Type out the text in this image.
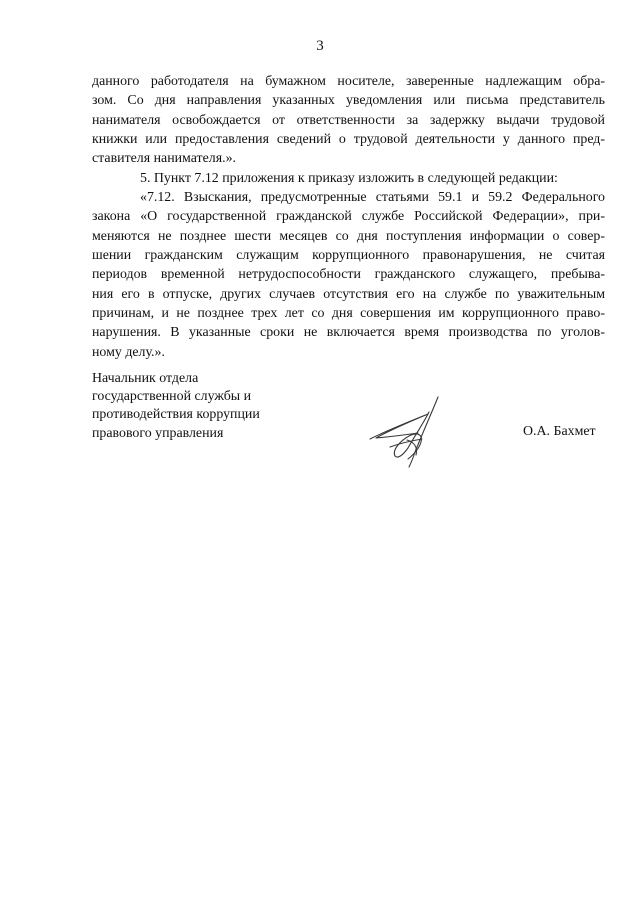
3
данного работодателя на бумажном носителе, заверенные надлежащим обра-
зом. Со дня направления указанных уведомления или письма представитель
нанимателя освобождается от ответственности за задержку выдачи трудовой
книжки или предоставления сведений о трудовой деятельности у данного пред-
ставителя нанимателя.».
5. Пункт 7.12 приложения к приказу изложить в следующей редакции:
«7.12. Взыскания, предусмотренные статьями 59.1 и 59.2 Федерального
закона «О государственной гражданской службе Российской Федерации», при-
меняются не позднее шести месяцев со дня поступления информации о совер-
шении гражданским служащим коррупционного правонарушения, не считая
периодов временной нетрудоспособности гражданского служащего, пребыва-
ния его в отпуске, других случаев отсутствия его на службе по уважительным
причинам, и не позднее трех лет со дня совершения им коррупционного право-
нарушения. В указанные сроки не включается время производства по уголов-
ному делу.».
Начальник отдела
государственной службы и
противодействия коррупции
правового управления	О.А. Бахмет
